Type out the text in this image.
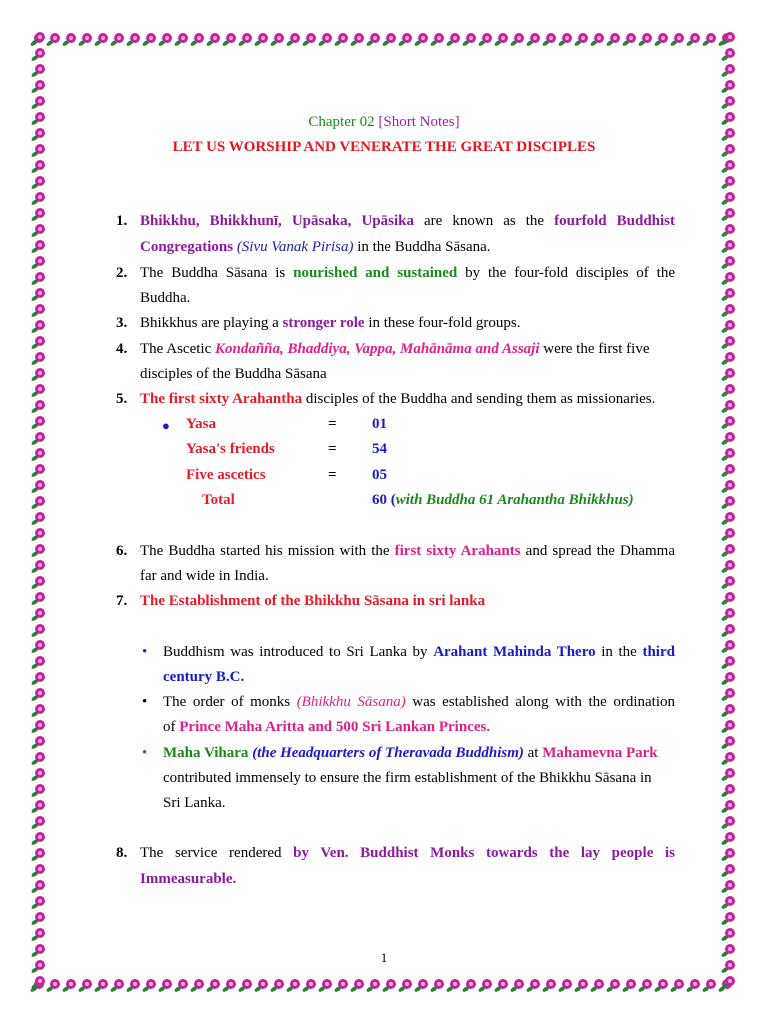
Chapter 02 [Short Notes]
LET US WORSHIP AND VENERATE THE GREAT DISCIPLES
1. Bhikkhu, Bhikkhunī, Upāsaka, Upāsika are known as the fourfold Buddhist
Congregations (Sivu Vanak Pirisa) in the Buddha Sāsana.
2. The Buddha Sāsana is nourished and sustained by the four-fold disciples of the
Buddha.
3. Bhikkhus are playing a stronger role in these four-fold groups.
4. The Ascetic Kondañña, Bhaddiya, Vappa, Mahānāma and Assaji were the first five
disciples of the Buddha Sāsana
5. The first sixty Arahantha disciples of the Buddha and sending them as missionaries.
● Yasa	= 01
Yasa's friends	= 54
Five ascetics	= 05
Total	60 (with Buddha 61 Arahantha Bhikkhus)
6. The Buddha started his mission with the first sixty Arahants and spread the Dhamma
far and wide in India.
7. The Establishment of the Bhikkhu Sāsana in sri lanka
• Buddhism was introduced to Sri Lanka by Arahant Mahinda Thero in the third
century B.C.
• The order of monks (Bhikkhu Sāsana) was established along with the ordination
of Prince Maha Aritta and 500 Sri Lankan Princes.
• Maha Vihara (the Headquarters of Theravada Buddhism) at Mahamevna Park
contributed immensely to ensure the firm establishment of the Bhikkhu Sāsana in
Sri Lanka.
8. The service rendered by Ven. Buddhist Monks towards the lay people is
Immeasurable.
1
